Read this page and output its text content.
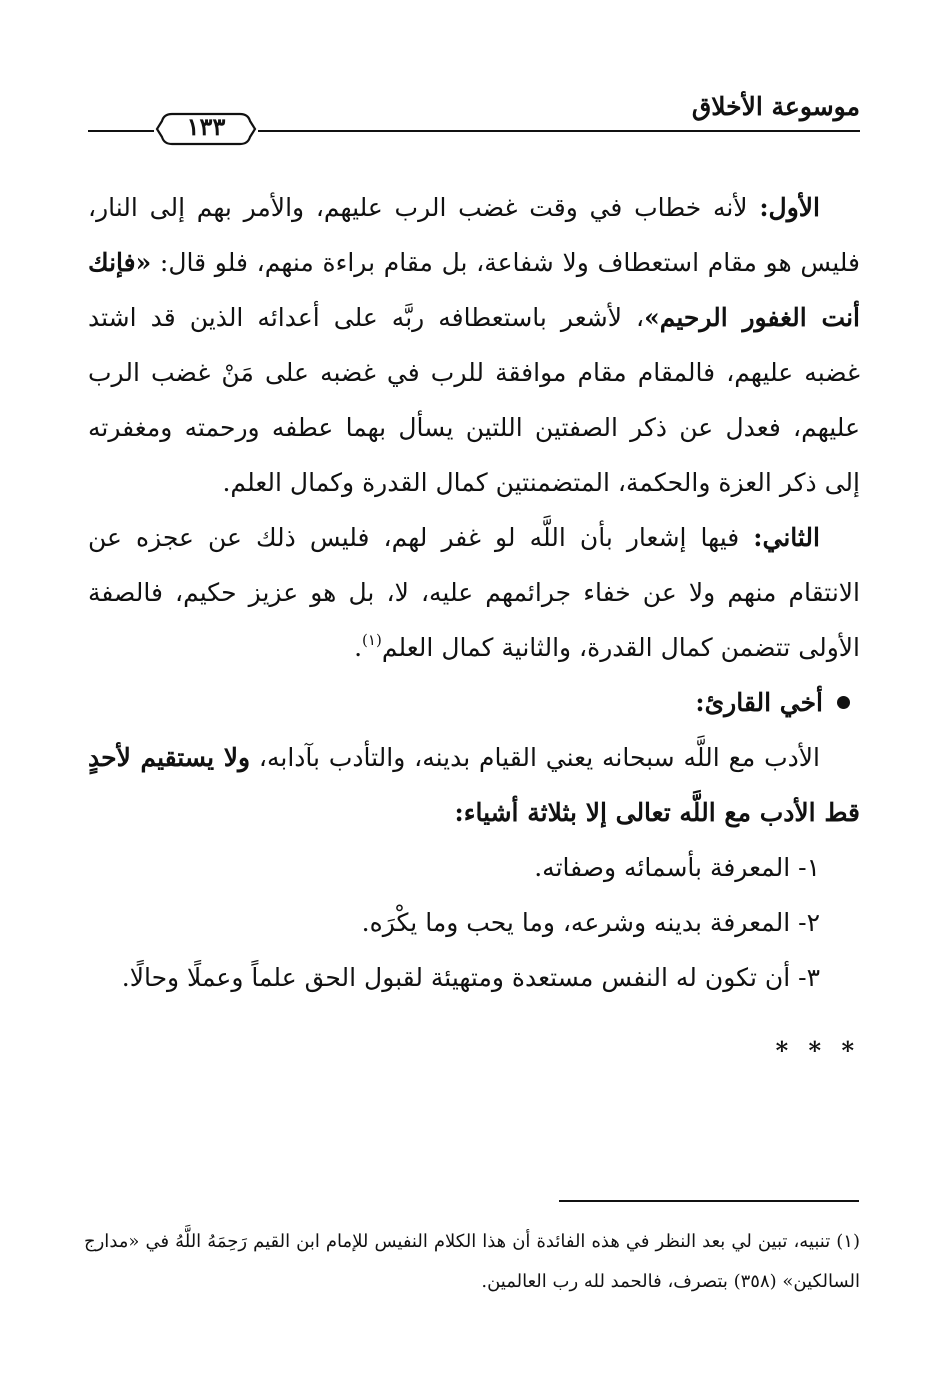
موسوعة الأخلاق
١٣٣

الأول: لأنه خطاب في وقت غضب الرب عليهم، والأمر بهم إلى النار، فليس هو مقام استعطاف ولا شفاعة، بل مقام براءة منهم، فلو قال: «فإنك أنت الغفور الرحيم»، لأشعر باستعطافه ربَّه على أعدائه الذين قد اشتد غضبه عليهم، فالمقام مقام موافقة للرب في غضبه على مَنْ غضب الرب عليهم، فعدل عن ذكر الصفتين اللتين يسأل بهما عطفه ورحمته ومغفرته إلى ذكر العزة والحكمة، المتضمنتين كمال القدرة وكمال العلم.

الثاني: فيها إشعار بأن اللَّه لو غفر لهم، فليس ذلك عن عجزه عن الانتقام منهم ولا عن خفاء جرائمهم عليه، لا، بل هو عزيز حكيم، فالصفة الأولى تتضمن كمال القدرة، والثانية كمال العلم$^{(١)}$.

أخي القارئ:

الأدب مع اللَّه سبحانه يعني القيام بدينه، والتأدب بآدابه، ولا يستقيم لأحدٍ قط الأدب مع اللَّه تعالى إلا بثلاثة أشياء:

١- المعرفة بأسمائه وصفاته.

٢- المعرفة بدينه وشرعه، وما يحب وما يكْرَه.

٣- أن تكون له النفس مستعدة ومتهيئة لقبول الحق علماً وعملًا وحالًا.

* * *
(١) تنبيه، تبين لي بعد النظر في هذه الفائدة أن هذا الكلام النفيس للإمام ابن القيم رَحِمَهُ اللَّهُ في «مدارج السالكين» (٣٥٨) بتصرف، فالحمد لله رب العالمين.
